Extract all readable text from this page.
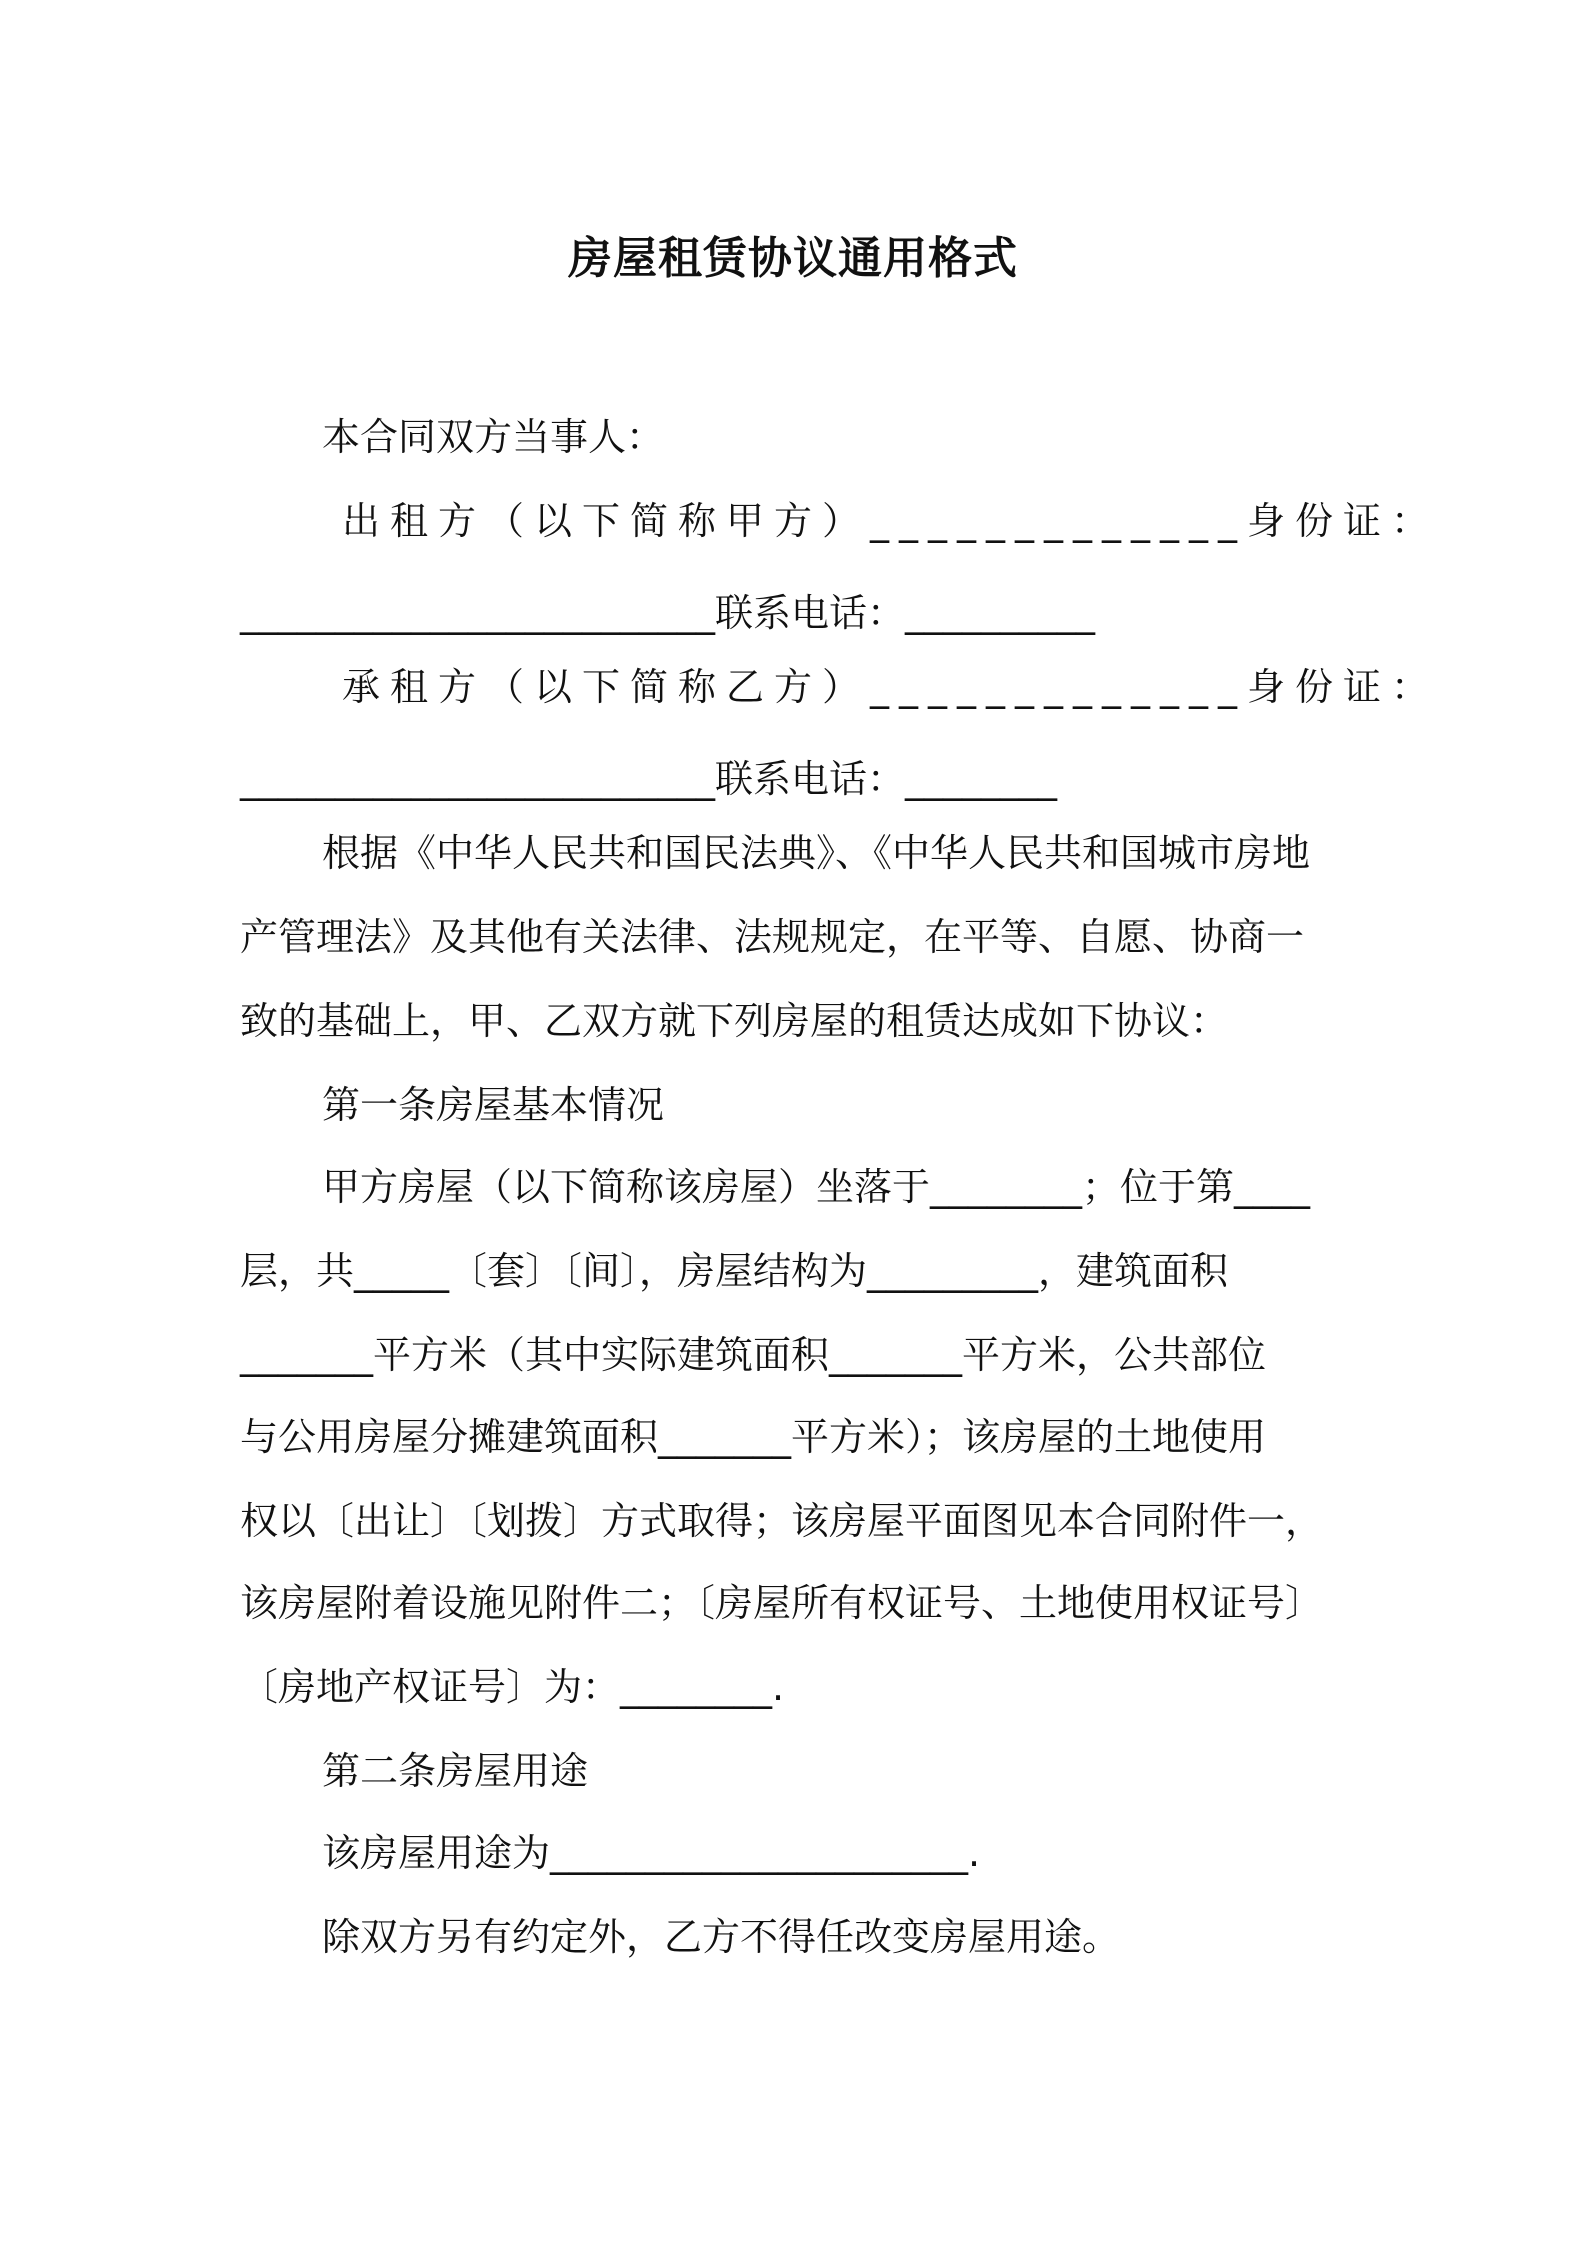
房屋租赁协议通用格式
本合同双方当事人：
出租方（以下简称甲方）_____________身份证：
_________________________联系电话：__________
承租方（以下简称乙方）_____________身份证：
_________________________联系电话：________
根据《中华人民共和国民法典》、《中华人民共和国城市房地
产管理法》及其他有关法律、法规规定，在平等、自愿、协商一
致的基础上，甲、乙双方就下列房屋的租赁达成如下协议：
第一条房屋基本情况
甲方房屋（以下简称该房屋）坐落于________；位于第____
层，共_____〔套〕〔间〕，房屋结构为_________，建筑面积
_______平方米（其中实际建筑面积_______平方米，公共部位
与公用房屋分摊建筑面积_______平方米）；该房屋的土地使用
权以〔出让〕〔划拨〕方式取得；该房屋平面图见本合同附件一，
该房屋附着设施见附件二；〔房屋所有权证号、土地使用权证号〕
〔房地产权证号〕为：________.
第二条房屋用途
该房屋用途为______________________.
除双方另有约定外，乙方不得任改变房屋用途。
